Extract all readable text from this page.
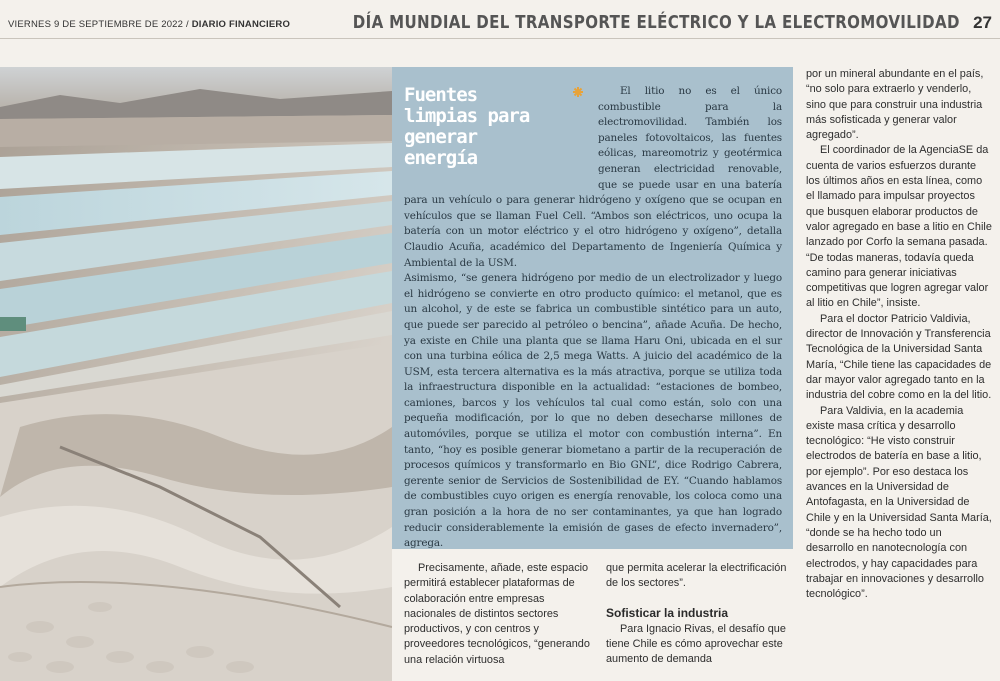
VIERNES 9 DE SEPTIEMBRE DE 2022 / DIARIO FINANCIERO	DÍA MUNDIAL DEL TRANSPORTE ELÉCTRICO Y LA ELECTROMOVILIDAD 27
Fuentes limpias para generar energía

El litio no es el único combustible para la electromovilidad. También los paneles fotovoltaicos, las fuentes eólicas, mareomotriz y geotérmica generan electricidad renovable, que se puede usar en una batería para un vehículo o para generar hidrógeno y oxígeno que se ocupan en vehículos que se llaman Fuel Cell. “Ambos son eléctricos, uno ocupa la batería con un motor eléctrico y el otro hidrógeno y oxígeno”, detalla Claudio Acuña, académico del Departamento de Ingeniería Química y Ambiental de la USM.

Asimismo, “se genera hidrógeno por medio de un electrolizador y luego el hidrógeno se convierte en otro producto químico: el metanol, que es un alcohol, y de este se fabrica un combustible sintético para un auto, que puede ser parecido al petróleo o bencina”, añade Acuña. De hecho, ya existe en Chile una planta que se llama Haru Oni, ubicada en el sur con una turbina eólica de 2,5 mega Watts. A juicio del académico de la USM, esta tercera alternativa es la más atractiva, porque se utiliza toda la infraestructura disponible en la actualidad: “estaciones de bombeo, camiones, barcos y los vehículos tal cual como están, solo con una pequeña modificación, por lo que no deben desecharse millones de automóviles, porque se utiliza el motor con combustión interna”. En tanto, “hoy es posible generar biometano a partir de la recuperación de procesos químicos y transformarlo en Bio GNL”, dice Rodrigo Cabrera, gerente senior de Servicios de Sostenibilidad de EY. “Cuando hablamos de combustibles cuyo origen es energía renovable, los coloca como una gran posición a la hora de no ser contaminantes, ya que han logrado reducir considerablemente la emisión de gases de efecto invernadero”, agrega.

Precisamente, añade, este espacio permitirá establecer plataformas de colaboración entre empresas nacionales de distintos sectores productivos, y con centros y proveedores tecnológicos, “generando una relación virtuosa

que permita acelerar la electrificación de los sectores”.

Sofisticar la industria

Para Ignacio Rivas, el desafío que tiene Chile es cómo aprovechar este aumento de demanda

por un mineral abundante en el país, “no solo para extraerlo y venderlo, sino que para construir una industria más sofisticada y generar valor agregado”.

El coordinador de la AgenciaSE da cuenta de varios esfuerzos durante los últimos años en esta línea, como el llamado para impulsar proyectos que busquen elaborar productos de valor agregado en base a litio en Chile lanzado por Corfo la semana pasada. “De todas maneras, todavía queda camino para generar iniciativas competitivas que logren agregar valor al litio en Chile”, insiste.

Para el doctor Patricio Valdivia, director de Innovación y Transferencia Tecnológica de la Universidad Santa María, “Chile tiene las capacidades de dar mayor valor agregado tanto en la industria del cobre como en la del litio.

Para Valdivia, en la academia existe masa crítica y desarrollo tecnológico: “He visto construir electrodos de batería en base a litio, por ejemplo”. Por eso destaca los avances en la Universidad de Antofagasta, en la Universidad de Chile y en la Universidad Santa María, “donde se ha hecho todo un desarrollo en nanotecnología con electrodos, y hay capacidades para trabajar en innovaciones y desarrollo tecnológico”.
